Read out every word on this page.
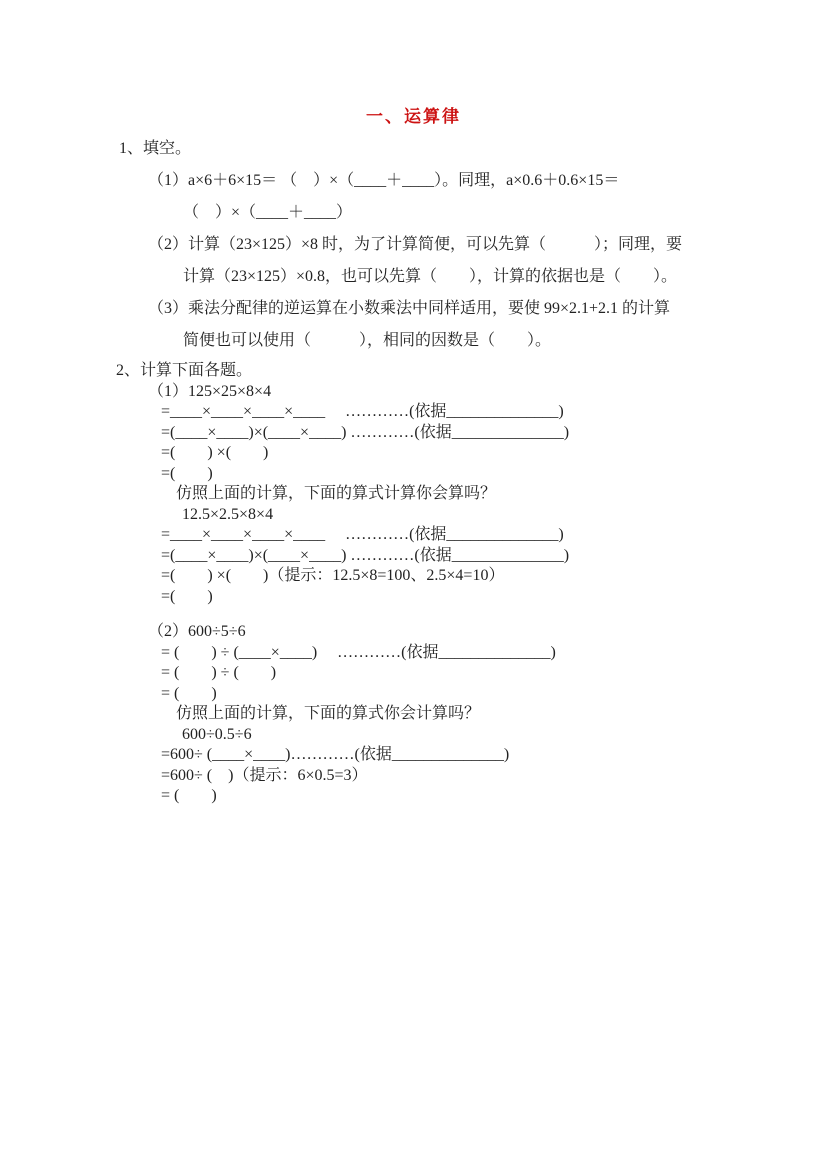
一、运算律
1、填空。
（1）a×6＋6×15＝ （　）×（____＋____）。同理，a×0.6＋0.6×15＝
（　）×（____＋____）
（2）计算（23×125）×8 时，为了计算简便，可以先算（　　　）；同理，要
计算（23×125）×0.8，也可以先算（　　），计算的依据也是（　　）。
（3）乘法分配律的逆运算在小数乘法中同样适用，要使 99×2.1+2.1 的计算
简便也可以使用（　　　），相同的因数是（　　）。
2、计算下面各题。
（1）125×25×8×4
=____×____×____×____　 …………(依据______________)
=(____×____)×(____×____) …………(依据______________)
=(　　) ×(　　)
=(　　)
仿照上面的计算，下面的算式计算你会算吗？
12.5×2.5×8×4
=____×____×____×____　 …………(依据______________)
=(____×____)×(____×____) …………(依据______________)
=(　　) ×(　　)（提示：12.5×8=100、2.5×4=10）
=(　　)
（2）600÷5÷6
= (　　) ÷ (____×____)　 …………(依据______________)
= (　　) ÷ (　　)
= (　　)
仿照上面的计算，下面的算式你会计算吗？
600÷0.5÷6
=600÷ (____×____)…………(依据______________)
=600÷ (　)（提示：6×0.5=3）
= (　　)
